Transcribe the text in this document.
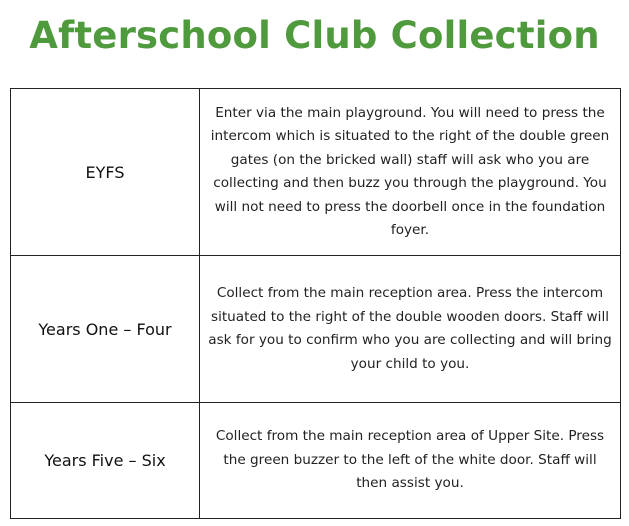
Afterschool Club Collection
EYFS	Enter via the main playground. You will need to press the intercom which is situated to the right of the double green gates (on the bricked wall) staff will ask who you are collecting and then buzz you through the playground. You will not need to press the doorbell once in the foundation foyer.

Years One – Four	Collect from the main reception area. Press the intercom situated to the right of the double wooden doors. Staff will ask for you to confirm who you are collecting and will bring your child to you.

Years Five – Six	Collect from the main reception area of Upper Site. Press the green buzzer to the left of the white door. Staff will then assist you.
